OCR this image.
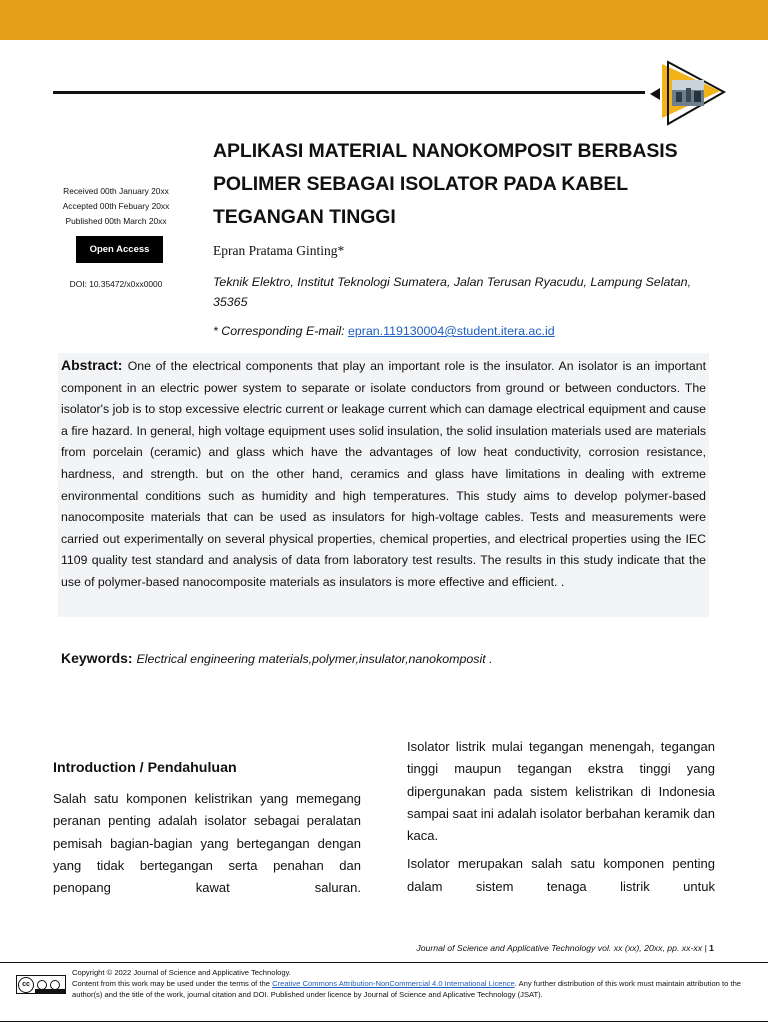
Received 00th January 20xx
Accepted 00th Febuary 20xx
Published 00th March 20xx
Open Access
DOI: 10.35472/x0xx0000
APLIKASI MATERIAL NANOKOMPOSIT BERBASIS POLIMER SEBAGAI ISOLATOR PADA KABEL TEGANGAN TINGGI
Epran Pratama Ginting*
Teknik Elektro, Institut Teknologi Sumatera, Jalan Terusan Ryacudu, Lampung Selatan, 35365
* Corresponding E-mail: epran.119130004@student.itera.ac.id
Abstract: One of the electrical components that play an important role is the insulator. An isolator is an important component in an electric power system to separate or isolate conductors from ground or between conductors. The isolator's job is to stop excessive electric current or leakage current which can damage electrical equipment and cause a fire hazard. In general, high voltage equipment uses solid insulation, the solid insulation materials used are materials from porcelain (ceramic) and glass which have the advantages of low heat conductivity, corrosion resistance, hardness, and strength. but on the other hand, ceramics and glass have limitations in dealing with extreme environmental conditions such as humidity and high temperatures. This study aims to develop polymer-based nanocomposite materials that can be used as insulators for high-voltage cables. Tests and measurements were carried out experimentally on several physical properties, chemical properties, and electrical properties using the IEC 1109 quality test standard and analysis of data from laboratory test results. The results in this study indicate that the use of polymer-based nanocomposite materials as insulators is more effective and efficient. .
Keywords: Electrical engineering materials,polymer,insulator,nanokomposit .
Introduction / Pendahuluan

Salah satu komponen kelistrikan yang memegang peranan penting adalah isolator sebagai peralatan pemisah bagian-bagian yang bertegangan dengan yang tidak bertegangan serta penahan dan penopang kawat saluran.

Isolator listrik mulai tegangan menengah, tegangan tinggi maupun tegangan ekstra tinggi yang dipergunakan pada sistem kelistrikan di Indonesia sampai saat ini adalah isolator berbahan keramik dan kaca.

Isolator merupakan salah satu komponen penting dalam sistem tenaga listrik untuk

Journal of Science and Applicative Technology vol. xx (xx), 20xx, pp. xx-xx | 1
cc
Copyright © 2022 Journal of Science and Applicative Technology.
Content from this work may be used under the terms of the Creative Commons Attribution-NonCommercial 4.0 International Licence. Any further distribution of this work must maintain attribution to the author(s) and the title of the work, journal citation and DOI. Published under licence by Journal of Science and Aplicative Technology (JSAT).
